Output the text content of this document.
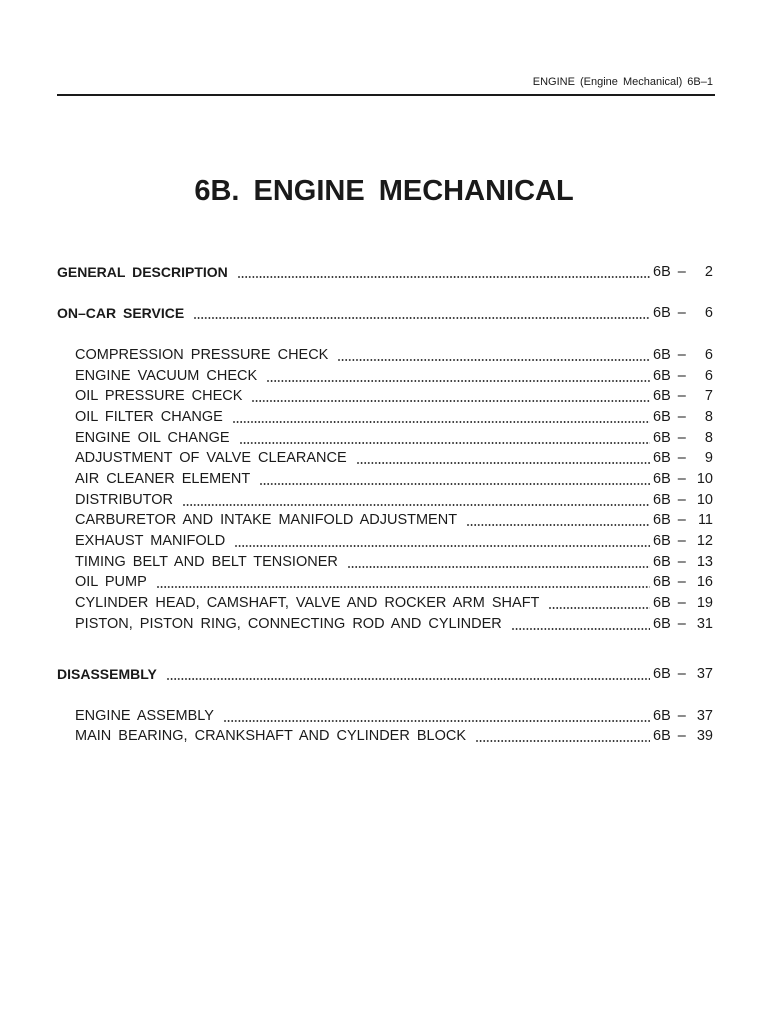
ENGINE (Engine Mechanical) 6B–1
6B. ENGINE MECHANICAL
GENERAL DESCRIPTION	6B – 2
ON–CAR SERVICE	6B – 6
COMPRESSION PRESSURE CHECK	6B – 6
ENGINE VACUUM CHECK	6B – 6
OIL PRESSURE CHECK	6B – 7
OIL FILTER CHANGE	6B – 8
ENGINE OIL CHANGE	6B – 8
ADJUSTMENT OF VALVE CLEARANCE	6B – 9
AIR CLEANER ELEMENT	6B – 10
DISTRIBUTOR	6B – 10
CARBURETOR AND INTAKE MANIFOLD ADJUSTMENT	6B – 11
EXHAUST MANIFOLD	6B – 12
TIMING BELT AND BELT TENSIONER	6B – 13
OIL PUMP	6B – 16
CYLINDER HEAD, CAMSHAFT, VALVE AND ROCKER ARM SHAFT	6B – 19
PISTON, PISTON RING, CONNECTING ROD AND CYLINDER	6B – 31
DISASSEMBLY	6B – 37
ENGINE ASSEMBLY	6B – 37
MAIN BEARING, CRANKSHAFT AND CYLINDER BLOCK	6B – 39
